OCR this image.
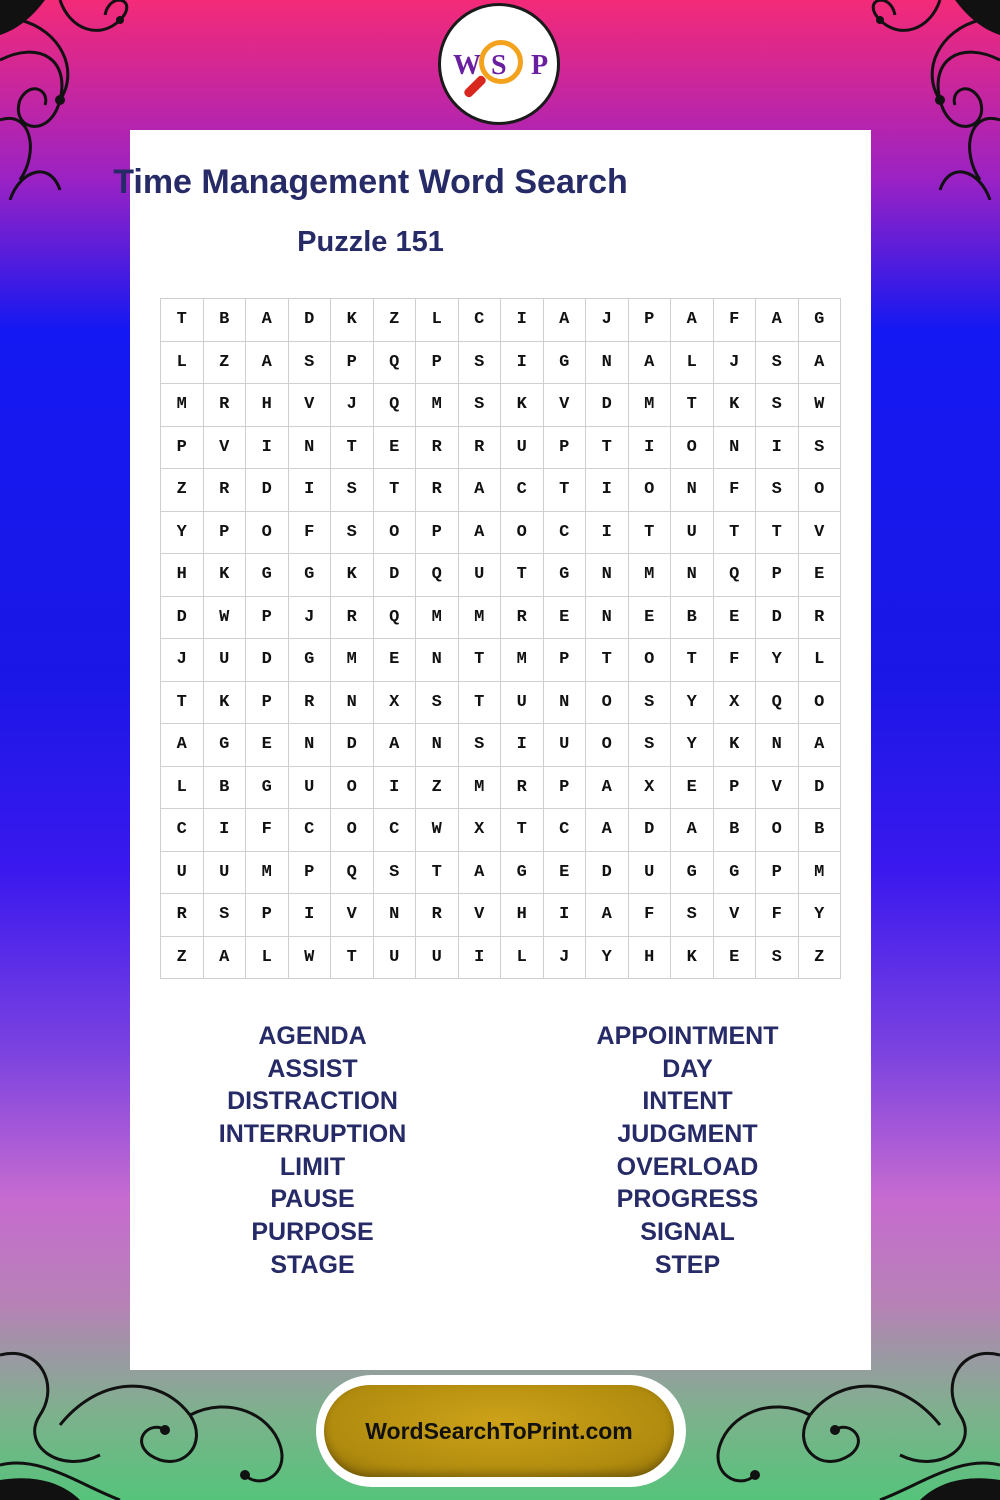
W S P
Time Management Word Search
Puzzle 151
T	B	A	D	K	Z	L	C	I	A	J	P	A	F	A	G
L	Z	A	S	P	Q	P	S	I	G	N	A	L	J	S	A
M	R	H	V	J	Q	M	S	K	V	D	M	T	K	S	W
P	V	I	N	T	E	R	R	U	P	T	I	O	N	I	S
Z	R	D	I	S	T	R	A	C	T	I	O	N	F	S	O
Y	P	O	F	S	O	P	A	O	C	I	T	U	T	T	V
H	K	G	G	K	D	Q	U	T	G	N	M	N	Q	P	E
D	W	P	J	R	Q	M	M	R	E	N	E	B	E	D	R
J	U	D	G	M	E	N	T	M	P	T	O	T	F	Y	L
T	K	P	R	N	X	S	T	U	N	O	S	Y	X	Q	O
A	G	E	N	D	A	N	S	I	U	O	S	Y	K	N	A
L	B	G	U	O	I	Z	M	R	P	A	X	E	P	V	D
C	I	F	C	O	C	W	X	T	C	A	D	A	B	O	B
U	U	M	P	Q	S	T	A	G	E	D	U	G	G	P	M
R	S	P	I	V	N	R	V	H	I	A	F	S	V	F	Y
Z	A	L	W	T	U	U	I	L	J	Y	H	K	E	S	Z
AGENDA
ASSIST
DISTRACTION
INTERRUPTION
LIMIT
PAUSE
PURPOSE
STAGE
APPOINTMENT
DAY
INTENT
JUDGMENT
OVERLOAD
PROGRESS
SIGNAL
STEP
WordSearchToPrint.com
